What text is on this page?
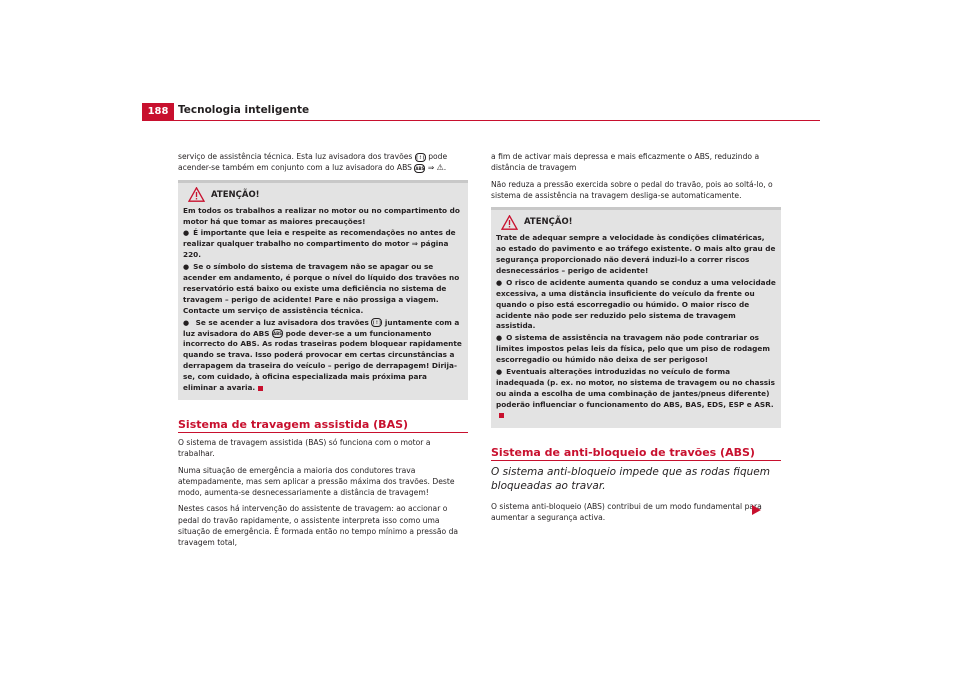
188 Tecnologia inteligente

serviço de assistência técnica. Esta luz avisadora dos travões ( ! ) pode
acender-se também em conjunto com a luz avisadora do ABS ABS ⇒ ⚠.

ATENÇÃO!

Em todos os trabalhos a realizar no motor ou no compartimento do motor há que tomar as maiores precauções!

● É importante que leia e respeite as recomendações no antes de realizar qualquer trabalho no compartimento do motor ⇒ página 220.

● Se o símbolo do sistema de travagem não se apagar ou se acender em andamento, é porque o nível do líquido dos travões no reservatório está baixo ou existe uma deficiência no sistema de travagem – perigo de acidente! Pare e não prossiga a viagem. Contacte um serviço de assistência técnica.

● Se se acender a luz avisadora dos travões ( ! ) juntamente com a luz avisadora do ABS ABS pode dever-se a um funcionamento incorrecto do ABS. As rodas traseiras podem bloquear rapidamente quando se trava. Isso poderá provocar em certas circunstâncias a derrapagem da traseira do veículo – perigo de derrapagem! Dirija-se, com cuidado, à oficina especializada mais próxima para eliminar a avaria.

Sistema de travagem assistida (BAS)

O sistema de travagem assistida (BAS) só funciona com o motor a trabalhar.

Numa situação de emergência a maioria dos condutores trava atempadamente, mas sem aplicar a pressão máxima dos travões. Deste modo, aumenta-se desnecessariamente a distância de travagem!

Nestes casos há intervenção do assistente de travagem: ao accionar o pedal do travão rapidamente, o assistente interpreta isso como uma situação de emergência. É formada então no tempo mínimo a pressão da travagem total,

a fim de activar mais depressa e mais eficazmente o ABS, reduzindo a distância de travagem

Não reduza a pressão exercida sobre o pedal do travão, pois ao soltá-lo, o sistema de assistência na travagem desliga-se automaticamente.

ATENÇÃO!

Trate de adequar sempre a velocidade às condições climatéricas, ao estado do pavimento e ao tráfego existente. O mais alto grau de segurança proporcionado não deverá induzi-lo a correr riscos desnecessários – perigo de acidente!

● O risco de acidente aumenta quando se conduz a uma velocidade excessiva, a uma distância insuficiente do veículo da frente ou quando o piso está escorregadio ou húmido. O maior risco de acidente não pode ser reduzido pelo sistema de travagem assistida.

● O sistema de assistência na travagem não pode contrariar os limites impostos pelas leis da física, pelo que um piso de rodagem escorregadio ou húmido não deixa de ser perigoso!

● Eventuais alterações introduzidas no veículo de forma inadequada (p. ex. no motor, no sistema de travagem ou no chassis ou ainda a escolha de uma combinação de jantes/pneus diferente) poderão influenciar o funcionamento do ABS, BAS, EDS, ESP e ASR.

Sistema de anti-bloqueio de travões (ABS)
O sistema anti-bloqueio impede que as rodas fiquem bloqueadas ao travar.

O sistema anti-bloqueio (ABS) contribui de um modo fundamental para aumentar a segurança activa.
